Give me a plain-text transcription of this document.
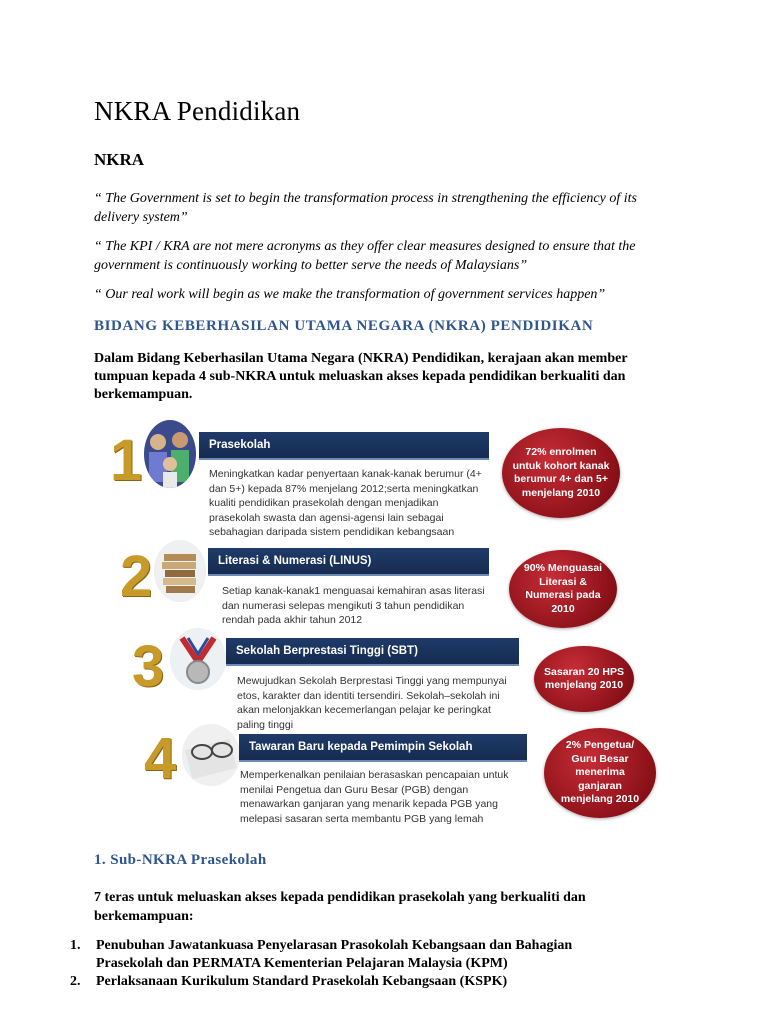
NKRA Pendidikan
NKRA

“ The Government is set to begin the transformation process in strengthening the efficiency of its delivery system”

“ The KPI / KRA are not mere acronyms as they offer clear measures designed to ensure that the government is continuously working to better serve the needs of Malaysians”

“ Our real work will begin as we make the transformation of government services happen”

BIDANG KEBERHASILAN UTAMA NEGARA (NKRA) PENDIDIKAN

Dalam Bidang Keberhasilan Utama Negara (NKRA) Pendidikan, kerajaan akan member tumpuan kepada 4 sub-NKRA untuk meluaskan akses kepada pendidikan berkualiti dan berkemampuan.

1	Prasekolah
Meningkatkan kadar penyertaan kanak-kanak berumur (4+ dan 5+) kepada 87% menjelang 2012;serta meningkatkan kualiti pendidikan prasekolah dengan menjadikan prasekolah swasta dan agensi-agensi lain sebagai sebahagian daripada sistem pendidikan kebangsaan
72% enrolmen untuk kohort kanak berumur 4+ dan 5+ menjelang 2010
2	Literasi & Numerasi (LINUS)
Setiap kanak-kanak1 menguasai kemahiran asas literasi dan numerasi selepas mengikuti 3 tahun pendidikan rendah pada akhir tahun 2012
90% Menguasai Literasi & Numerasi pada 2010
3	Sekolah Berprestasi Tinggi (SBT)
Mewujudkan Sekolah Berprestasi Tinggi yang mempunyai etos, karakter dan identiti tersendiri. Sekolah–sekolah ini akan melonjakkan kecemerlangan pelajar ke peringkat paling tinggi
Sasaran 20 HPS menjelang 2010
4	Tawaran Baru kepada Pemimpin Sekolah
Memperkenalkan penilaian berasaskan pencapaian untuk menilai Pengetua dan Guru Besar (PGB) dengan menawarkan ganjaran yang menarik kepada PGB yang melepasi sasaran serta membantu PGB yang lemah
2% Pengetua/ Guru Besar menerima ganjaran menjelang 2010
1. Sub-NKRA Prasekolah

7 teras untuk meluaskan akses kepada pendidikan prasekolah yang berkualiti dan berkemampuan:

1. Penubuhan Jawatankuasa Penyelarasan Prasokolah Kebangsaan dan Bahagian Prasekolah dan PERMATA Kementerian Pelajaran Malaysia (KPM)
2. Perlaksanaan Kurikulum Standard Prasekolah Kebangsaan (KSPK)
